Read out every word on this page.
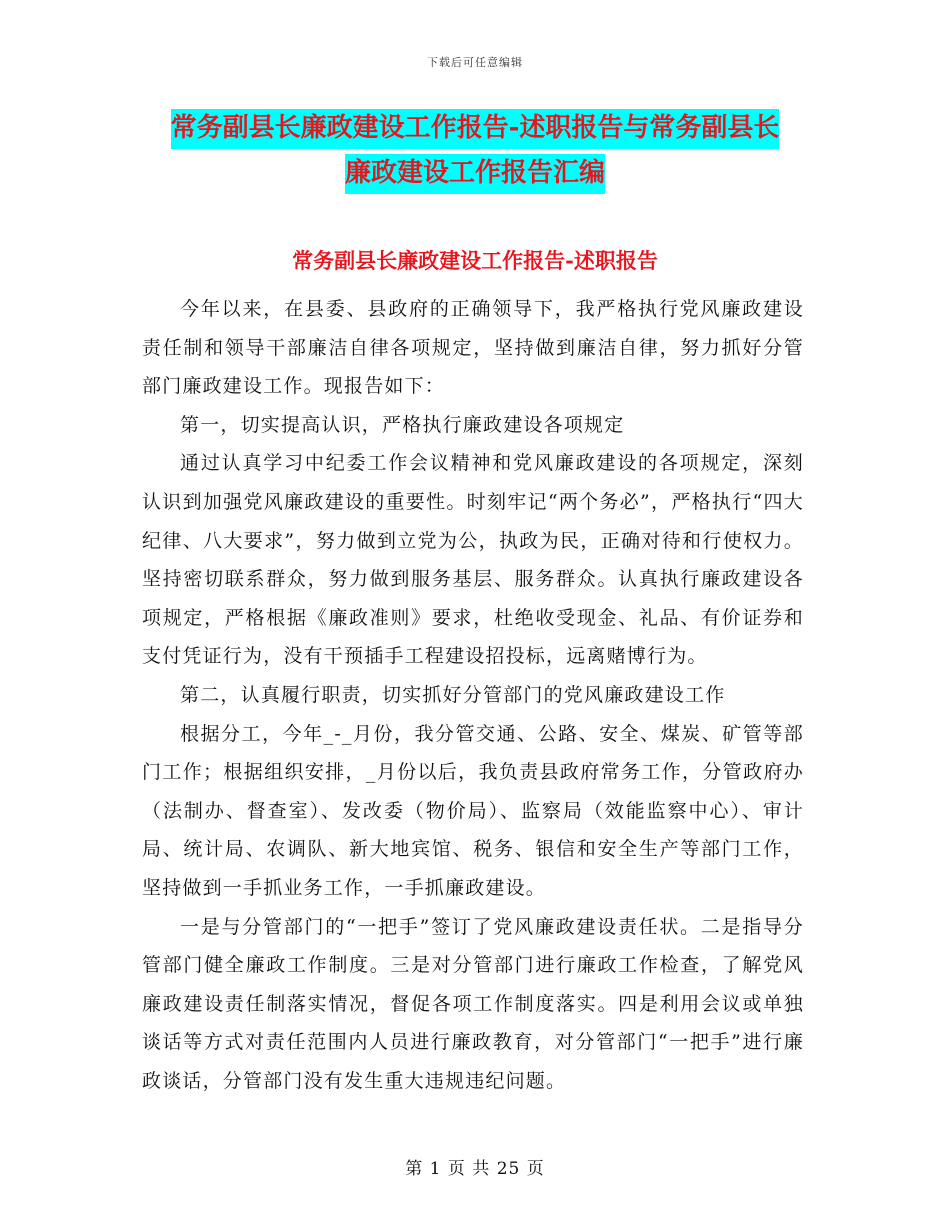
下载后可任意编辑
常务副县长廉政建设工作报告-述职报告与常务副县长
廉政建设工作报告汇编
常务副县长廉政建设工作报告-述职报告

今年以来，在县委、县政府的正确领导下，我严格执行党风廉政建设责任制和领导干部廉洁自律各项规定，坚持做到廉洁自律，努力抓好分管部门廉政建设工作。现报告如下：

第一，切实提高认识，严格执行廉政建设各项规定

通过认真学习中纪委工作会议精神和党风廉政建设的各项规定，深刻认识到加强党风廉政建设的重要性。时刻牢记“两个务必”，严格执行“四大纪律、八大要求”，努力做到立党为公，执政为民，正确对待和行使权力。坚持密切联系群众，努力做到服务基层、服务群众。认真执行廉政建设各项规定，严格根据《廉政准则》要求，杜绝收受现金、礼品、有价证券和支付凭证行为，没有干预插手工程建设招投标，远离赌博行为。

第二，认真履行职责，切实抓好分管部门的党风廉政建设工作

根据分工，今年_-_月份，我分管交通、公路、安全、煤炭、矿管等部门工作；根据组织安排，_月份以后，我负责县政府常务工作，分管政府办（法制办、督查室）、发改委（物价局）、监察局（效能监察中心）、审计局、统计局、农调队、新大地宾馆、税务、银信和安全生产等部门工作，坚持做到一手抓业务工作，一手抓廉政建设。

一是与分管部门的“一把手”签订了党风廉政建设责任状。二是指导分管部门健全廉政工作制度。三是对分管部门进行廉政工作检查，了解党风廉政建设责任制落实情况，督促各项工作制度落实。四是利用会议或单独谈话等方式对责任范围内人员进行廉政教育，对分管部门“一把手”进行廉政谈话，分管部门没有发生重大违规违纪问题。

第 1 页 共 25 页
